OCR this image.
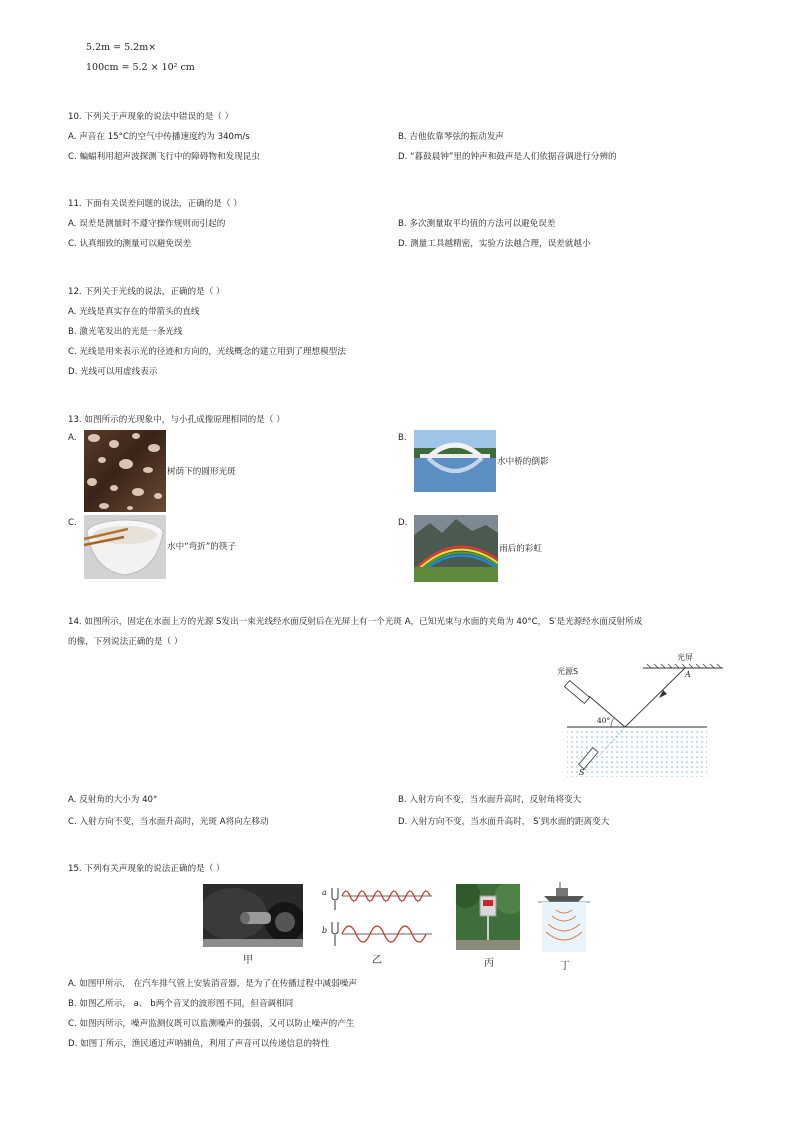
5.2m = 5.2m×
100cm = 5.2 × 10² cm
10. 下列关于声现象的说法中错误的是（ ）
A. 声音在 15°C的空气中传播速度约为 340m/s	B. 吉他依靠琴弦的振动发声
C. 蝙蝠利用超声波探测飞行中的障碍物和发现昆虫	D. “暮鼓晨钟”里的钟声和鼓声是人们依据音调进行分辨的
11. 下面有关误差问题的说法，正确的是（ ）
A. 误差是测量时不遵守操作规则而引起的	B. 多次测量取平均值的方法可以避免误差
C. 认真细致的测量可以避免误差	D. 测量工具越精密，实验方法越合理，误差就越小
12. 下列关于光线的说法，正确的是（ ）
A. 光线是真实存在的带箭头的直线
B. 激光笔发出的光是一条光线
C. 光线是用来表示光的径迹和方向的，光线概念的建立用到了理想模型法
D. 光线可以用虚线表示
13. 如图所示的光现象中，与小孔成像原理相同的是（ ）
A.
树荫下的圆形光斑
B.
水中桥的倒影
C.
水中“弯折”的筷子
D.
雨后的彩虹
14. 如图所示，固定在水面上方的光源 S发出一束光线经水面反射后在光屏上有一个光斑 A，已知光束与水面的夹角为 40°C， S′是光源经水面反射所成
的像，下列说法正确的是（ ）
光屏
光源S	A
40°
S′
A. 反射角的大小为 40°	B. 入射方向不变，当水面升高时，反射角将变大
C. 入射方向不变，当水面升高时，光斑 A将向左移动	D. 入射方向不变，当水面升高时， S′到水面的距离变大
15. 下列有关声现象的说法正确的是（ ）
甲
a
b
乙	丙	丁
A. 如图甲所示， 在汽车排气管上安装消音器，是为了在传播过程中减弱噪声
B. 如图乙所示， a、 b两个音叉的波形图不同，但音调相同
C. 如图丙所示，噪声监测仪既可以监测噪声的强弱，又可以防止噪声的产生
D. 如图丁所示，渔民通过声呐捕鱼，利用了声音可以传递信息的特性
